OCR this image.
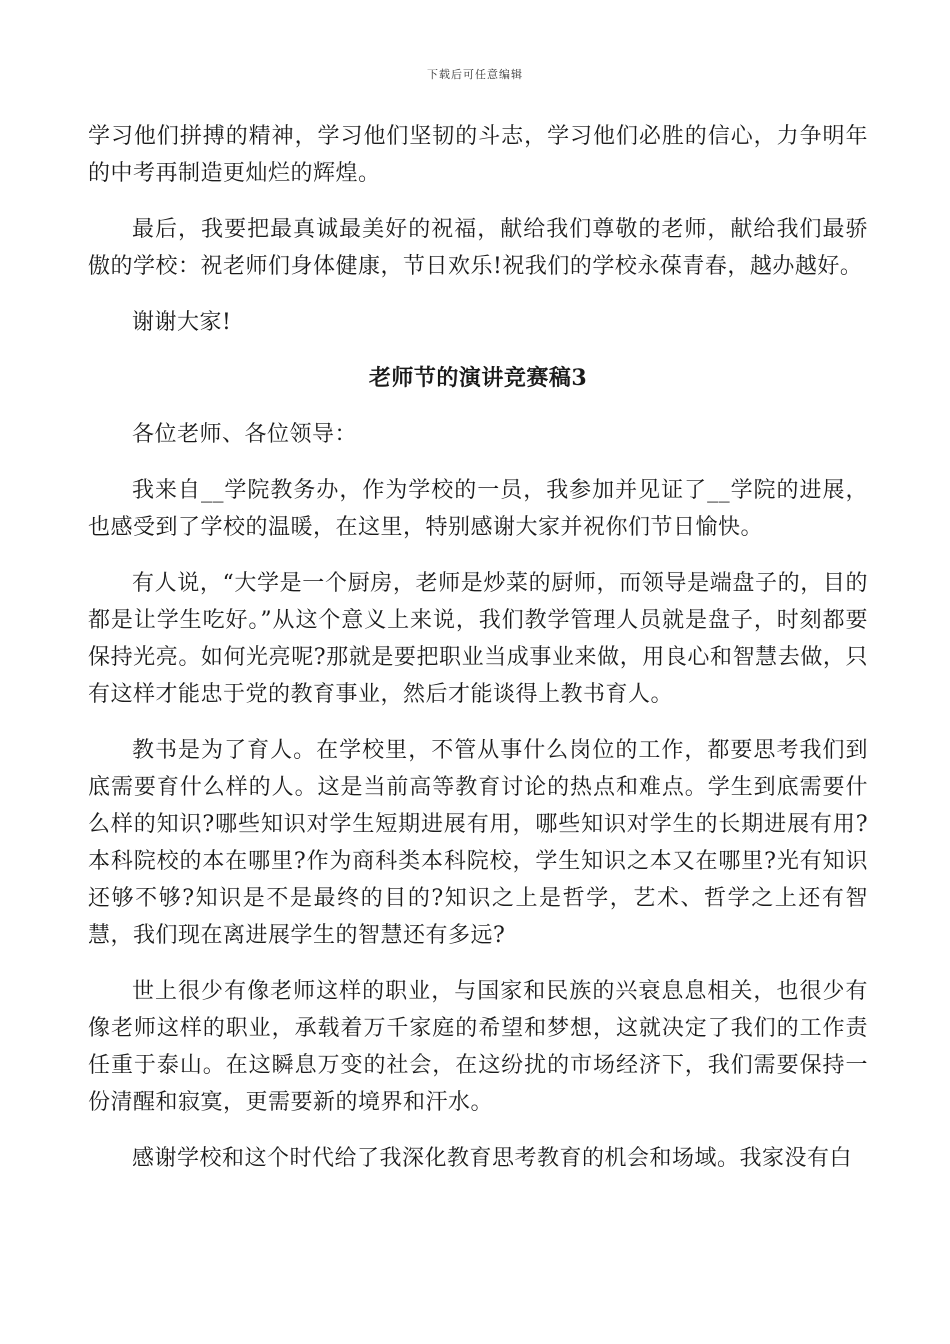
下载后可任意编辑

学习他们拼搏的精神，学习他们坚韧的斗志，学习他们必胜的信心，力争明年的中考再制造更灿烂的辉煌。

最后，我要把最真诚最美好的祝福，献给我们尊敬的老师，献给我们最骄傲的学校：祝老师们身体健康，节日欢乐!祝我们的学校永葆青春，越办越好。

谢谢大家!

老师节的演讲竞赛稿3

各位老师、各位领导：

我来自__学院教务办，作为学校的一员，我参加并见证了__学院的进展，也感受到了学校的温暖，在这里，特别感谢大家并祝你们节日愉快。

有人说，“大学是一个厨房，老师是炒菜的厨师，而领导是端盘子的，目的都是让学生吃好。”从这个意义上来说，我们教学管理人员就是盘子，时刻都要保持光亮。如何光亮呢?那就是要把职业当成事业来做，用良心和智慧去做，只有这样才能忠于党的教育事业，然后才能谈得上教书育人。

教书是为了育人。在学校里，不管从事什么岗位的工作，都要思考我们到底需要育什么样的人。这是当前高等教育讨论的热点和难点。学生到底需要什么样的知识?哪些知识对学生短期进展有用，哪些知识对学生的长期进展有用?本科院校的本在哪里?作为商科类本科院校，学生知识之本又在哪里?光有知识还够不够?知识是不是最终的目的?知识之上是哲学，艺术、哲学之上还有智慧，我们现在离进展学生的智慧还有多远?

世上很少有像老师这样的职业，与国家和民族的兴衰息息相关，也很少有像老师这样的职业，承载着万千家庭的希望和梦想，这就决定了我们的工作责任重于泰山。在这瞬息万变的社会，在这纷扰的市场经济下，我们需要保持一份清醒和寂寞，更需要新的境界和汗水。

感谢学校和这个时代给了我深化教育思考教育的机会和场域。我家没有白
